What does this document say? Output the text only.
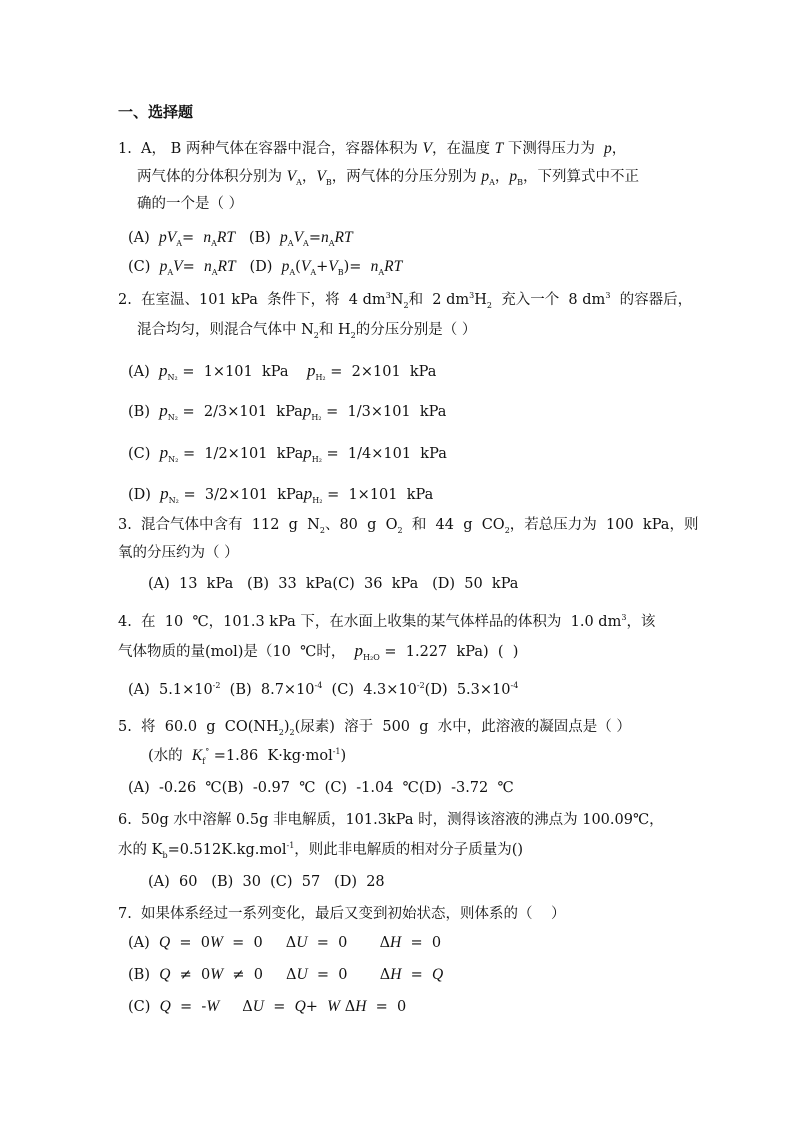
一、选择题
1.  A， B 两种气体在容器中混合，容器体积为 V，在温度 T 下测得压力为  p，
两气体的分体积分别为 $V_A$，$V_B$，两气体的分压分别为 $p_A$，$p_B$，下列算式中不正
确的一个是（ ）
(A)  $pV_A= n_ART$   (B)  $p_AV_A=n_ART$
(C)  $p_AV= n_ART$   (D)  $p_A(V_A+V_B)= n_ART$
2.  在室温、101 kPa  条件下，将  4 $dm^3N_2$和  2 $dm^3H_2$  充入一个  8 $dm^3$  的容器后，
混合均匀，则混合气体中 $N_2$和 $H_2$的分压分别是（ ）
(A)  $p_{N_2} = 1\times 101$  kPa    $p_{H_2} = 2\times 101$  kPa
(B)  $p_{N_2} = 2/3\times 101$  kPap$_{H_2}$ =  1/3×101  kPa
(C)  $p_{N_2} = 1/2\times 101$  kPap$_{H_2}$ =  1/4×101  kPa
(D)  $p_{N_2} = 3/2\times 101$  kPap$_{H_2}$ =  1×101  kPa
3.  混合气体中含有  112  g  $N_2$、80  g  $O_2$  和  44  g  $CO_2$，若总压力为  100  kPa，则
氧的分压约为（ ）
(A)  13  kPa   (B)  33  kPa(C)  36  kPa   (D)  50  kPa
4.  在  10  ℃，101.3 kPa 下，在水面上收集的某气体样品的体积为  1.0 $dm^3$，该
气体物质的量(mol)是（10  ℃时，  $p_{H_2O} = 1.227$  kPa)  (  )
(A)  $5.1\times 10^{-2}$  (B)  $8.7\times 10^{-4}$  (C)  $4.3\times 10^{-2}(D)$  $5.3\times 10^{-4}$
5.  将  60.0  g  $CO(NH_2)_2$(尿素)  溶于  500  g  水中，此溶液的凝固点是（ ）
(水的  $K_f^\circ =1.86$  K·kg·mol$^{-1}$)
(A)  -0.26  ℃(B)  -0.97  ℃  (C)  -1.04  ℃(D)  -3.72  ℃
6.  50g 水中溶解 0.5g 非电解质，101.3kPa 时，测得该溶液的沸点为 100.09℃，
水的 $K_b=0.512K.kg.mol^{-1}$，则此非电解质的相对分子质量为()
(A)  60   (B)  30  (C)  57   (D)  28
7.  如果体系经过一系列变化，最后又变到初始状态，则体系的（    ）
(A)  Q  =  0W  =  0     ΔU  =  0       ΔH  =  0
(B)  Q  ≠  0W  ≠  0     ΔU  =  0       ΔH  =  Q
(C)  Q  =  -W     ΔU  =  Q+  W ΔH  =  0
